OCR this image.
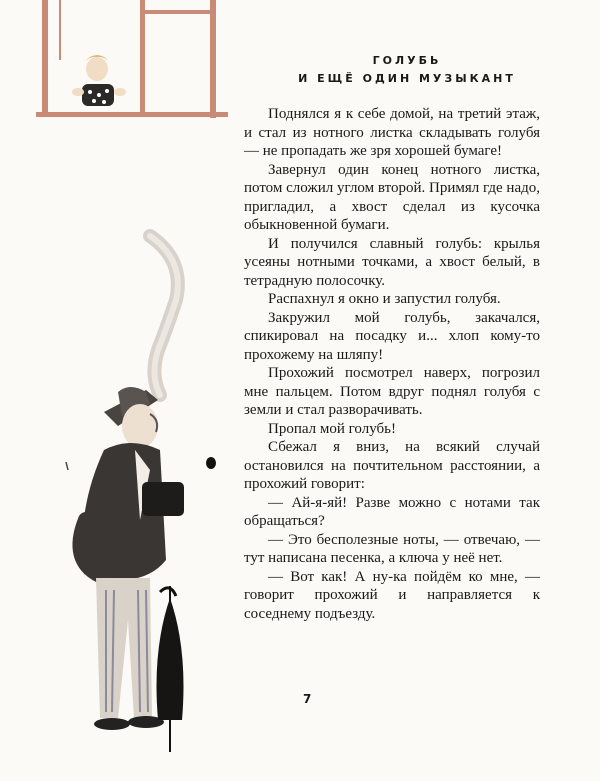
ГОЛУБЬ
И ЕЩЁ ОДИН МУЗЫКАНТ

Поднялся я к себе домой, на третий этаж, и стал из нотного листка складывать голубя — не пропадать же зря хорошей бумаге!

Завернул один конец нотного листка, потом сложил углом второй. Примял где надо, пригладил, а хвост сделал из кусочка обыкновенной бумаги.

И получился славный голубь: крылья усеяны нотными точками, а хвост белый, в тетрадную полосочку.

Распахнул я окно и запустил голубя.

Закружил мой голубь, закачался, спикировал на посадку и... хлоп кому-то прохожему на шляпу!

Прохожий посмотрел наверх, погрозил мне пальцем. Потом вдруг поднял голубя с земли и стал разворачивать.

Пропал мой голубь!

Сбежал я вниз, на всякий случай остановился на почтительном расстоянии, а прохожий говорит:

— Ай-я-яй! Разве можно с нотами так обращаться?

— Это бесполезные ноты, — отвечаю, — тут написана песенка, а ключа у неё нет.

— Вот как! А ну-ка пойдём ко мне, — говорит прохожий и направляется к соседнему подъезду.

7
